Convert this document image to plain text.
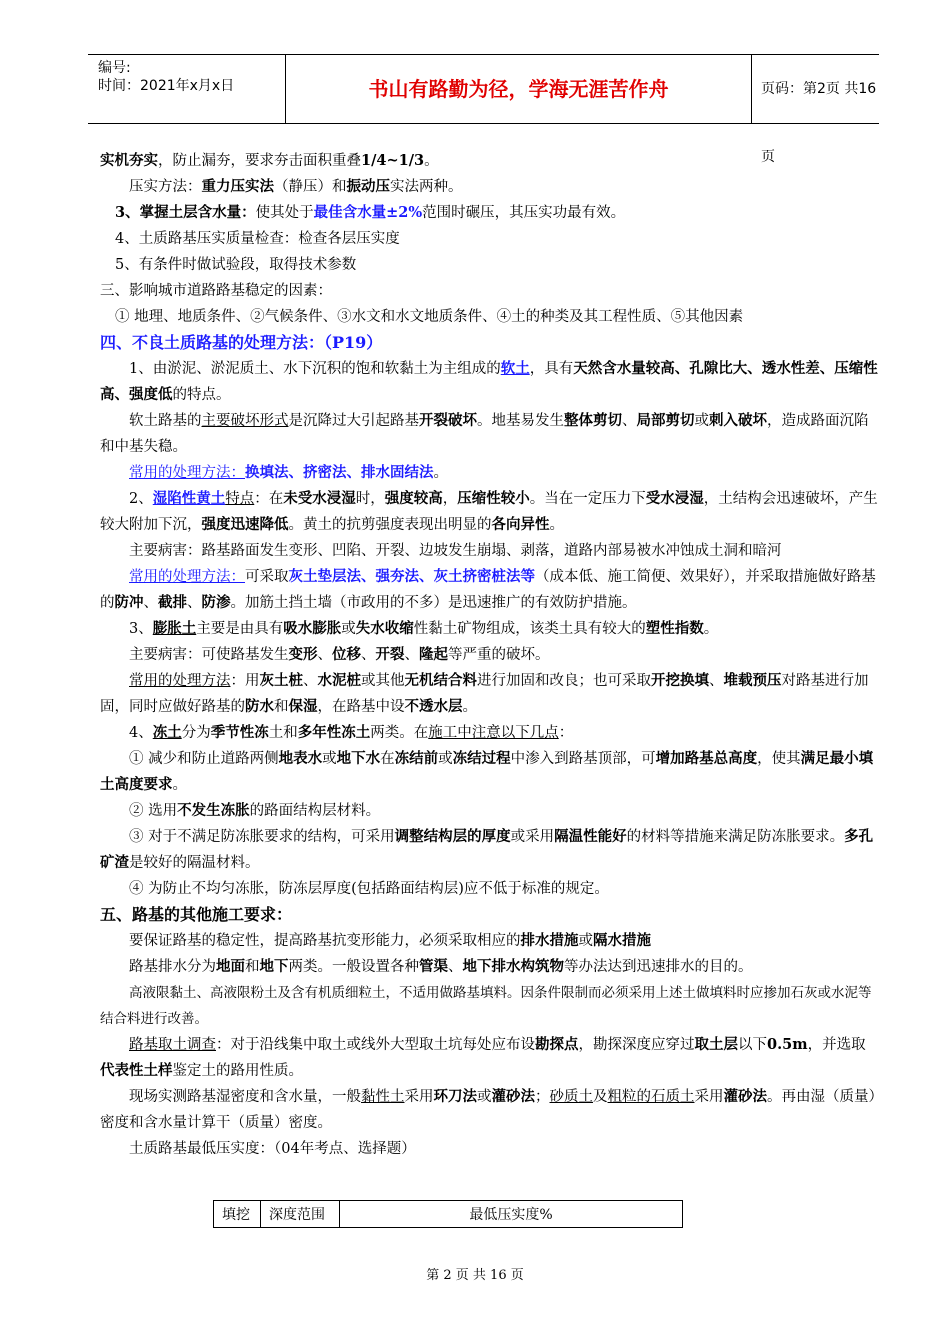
编号:
时间：2021年x月x日	书山有路勤为径，学海无涯苦作舟	页码：第2页 共16页

实机夯实，防止漏夯，要求夯击面积重叠1/4~1/3。

压实方法：重力压实法（静压）和振动压实法两种。

3、掌握土层含水量：使其处于最佳含水量±2%范围时碾压，其压实功最有效。

4、土质路基压实质量检查：检查各层压实度

5、有条件时做试验段，取得技术参数

三、影响城市道路路基稳定的因素：

① 地理、地质条件、②气候条件、③水文和水文地质条件、④土的种类及其工程性质、⑤其他因素

四、不良土质路基的处理方法：（P19）

1、由淤泥、淤泥质土、水下沉积的饱和软黏土为主组成的软土，具有天然含水量较高、孔隙比大、透水性差、压缩性高、强度低的特点。

软土路基的主要破坏形式是沉降过大引起路基开裂破坏。地基易发生整体剪切、局部剪切或刺入破坏，造成路面沉陷和中基失稳。

常用的处理方法：换填法、挤密法、排水固结法。

2、湿陷性黄土特点：在未受水浸湿时，强度较高，压缩性较小。当在一定压力下受水浸湿，土结构会迅速破坏，产生较大附加下沉，强度迅速降低。黄土的抗剪强度表现出明显的各向异性。

主要病害：路基路面发生变形、凹陷、开裂、边坡发生崩塌、剥落，道路内部易被水冲蚀成土洞和暗河

常用的处理方法：可采取灰土垫层法、强夯法、灰土挤密桩法等（成本低、施工简便、效果好），并采取措施做好路基的防冲、截排、防渗。加筋土挡土墙（市政用的不多）是迅速推广的有效防护措施。

3、膨胀土主要是由具有吸水膨胀或失水收缩性黏土矿物组成，该类土具有较大的塑性指数。

主要病害：可使路基发生变形、位移、开裂、隆起等严重的破坏。

常用的处理方法：用灰土桩、水泥桩或其他无机结合料进行加固和改良；也可采取开挖换填、堆载预压对路基进行加固，同时应做好路基的防水和保湿，在路基中设不透水层。

4、冻土分为季节性冻土和多年性冻土两类。在施工中注意以下几点：

① 减少和防止道路两侧地表水或地下水在冻结前或冻结过程中渗入到路基顶部，可增加路基总高度，使其满足最小填土高度要求。

② 选用不发生冻胀的路面结构层材料。

③ 对于不满足防冻胀要求的结构，可采用调整结构层的厚度或采用隔温性能好的材料等措施来满足防冻胀要求。多孔矿渣是较好的隔温材料。

④ 为防止不均匀冻胀，防冻层厚度(包括路面结构层)应不低于标准的规定。

五、路基的其他施工要求：

要保证路基的稳定性，提高路基抗变形能力，必须采取相应的排水措施或隔水措施

路基排水分为地面和地下两类。一般设置各种管渠、地下排水构筑物等办法达到迅速排水的目的。

高液限黏土、高液限粉土及含有机质细粒土，不适用做路基填料。因条件限制而必须采用上述土做填料时应掺加石灰或水泥等结合料进行改善。

路基取土调查：对于沿线集中取土或线外大型取土坑每处应布设勘探点，勘探深度应穿过取土层以下0.5m，并选取代表性土样鉴定土的路用性质。

现场实测路基湿密度和含水量，一般黏性土采用环刀法或灌砂法；砂质土及粗粒的石质土采用灌砂法。再由湿（质量）密度和含水量计算干（质量）密度。

土质路基最低压实度：（04年考点、选择题）

填挖	深度范围	最低压实度%
第 2 页 共 16 页
